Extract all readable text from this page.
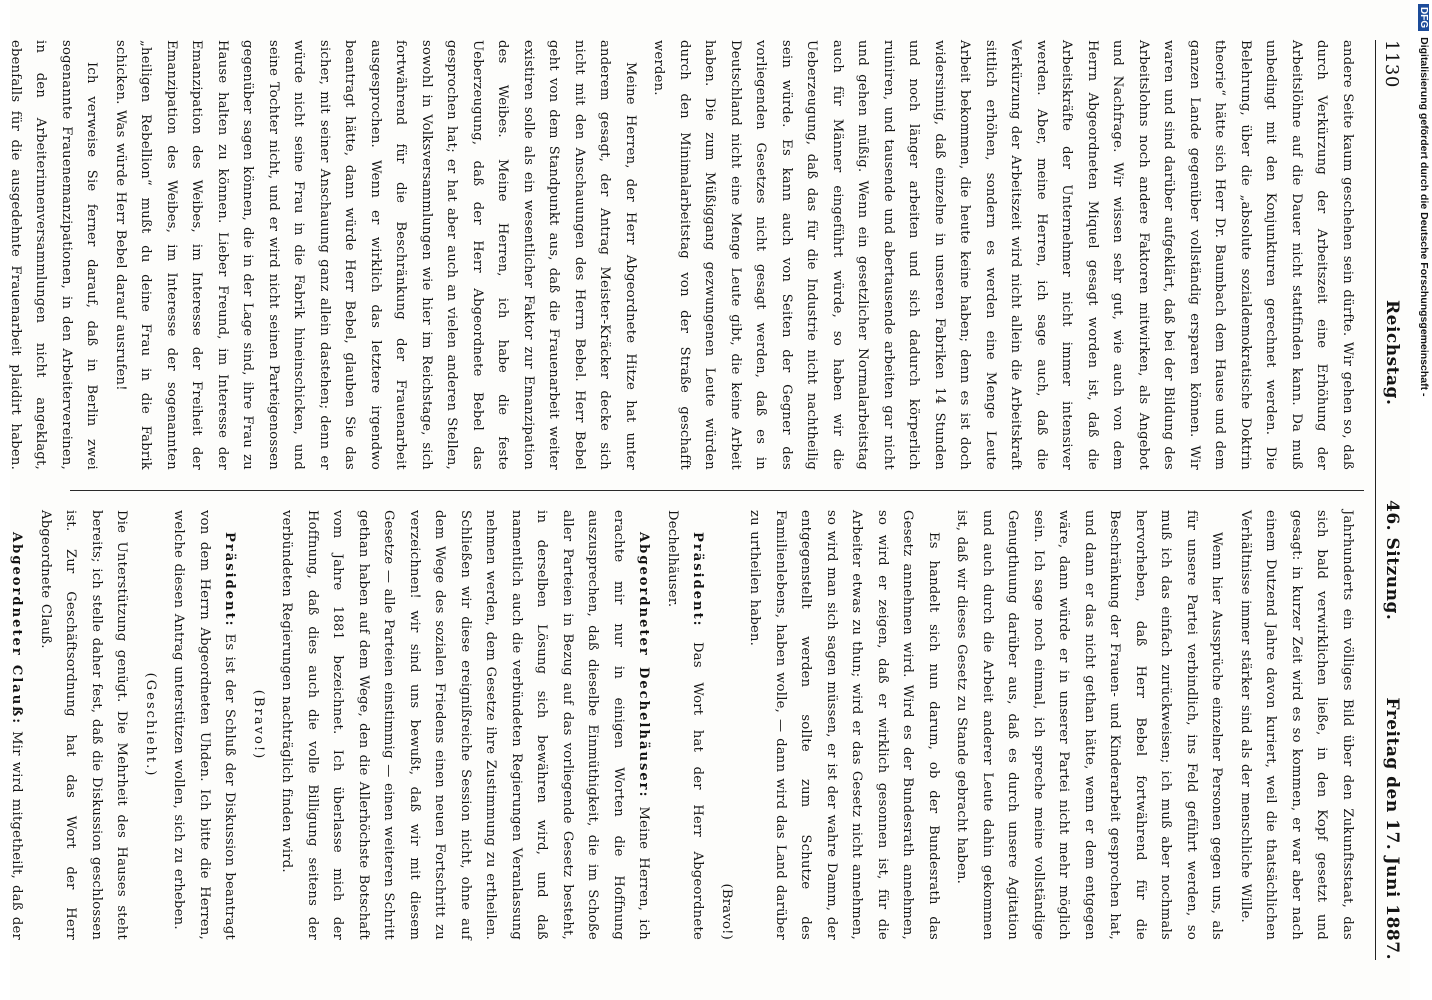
1130
Reichstag.
46. Sitzung.
Freitag den 17. Juni 1887.

andere Seite kaum geschehen sein dürfte. Wir gehen so, daß durch Verkürzung der Arbeitszeit eine Erhöhung der Arbeitslöhne auf die Dauer nicht stattfinden kann. Da muß unbedingt mit den Konjunkturen gerechnet werden. Die Belehrung, über die „absolute sozialdemokratische Doktrin theorie“ hätte sich Herr Dr. Baumbach dem Hause und dem ganzen Lande gegenüber vollständig ersparen können. Wir waren und sind darüber aufgeklärt, daß bei der Bildung des Arbeitslohns noch andere Faktoren mitwirken, als Angebot und Nachfrage. Wir wissen sehr gut, wie auch von dem Herrn Abgeordneten Miquel gesagt worden ist, daß die Arbeitskräfte der Unternehmer nicht immer intensiver werden. Aber, meine Herren, ich sage auch, daß die Verkürzung der Arbeitszeit wird nicht allein die Arbeitskraft sittlich erhöhen, sondern es werden eine Menge Leute Arbeit bekommen, die heute keine haben; denn es ist doch widersinnig, daß einzelne in unseren Fabriken 14 Stunden und noch länger arbeiten und sich dadurch körperlich ruiniren, und tausende und abertausende arbeiten gar nicht und gehen müßig. Wenn ein gesetzlicher Normalarbeitstag auch für Männer eingeführt würde, so haben wir die Ueberzeugung, daß das für die Industrie nicht nachtheilig sein würde. Es kann auch von Seiten der Gegner des vorliegenden Gesetzes nicht gesagt werden, daß es in Deutschland nicht eine Menge Leute gibt, die keine Arbeit haben. Die zum Müßiggang gezwungenen Leute würden durch den Minimalarbeitstag von der Straße geschafft werden.

Meine Herren, der Herr Abgeordnete Hitze hat unter anderem gesagt, der Antrag Meister-Kräcker decke sich nicht mit den Anschauungen des Herrn Bebel. Herr Bebel geht von dem Standpunkt aus, daß die Frauenarbeit weiter existiren solle als ein wesentlicher Faktor zur Emanzipation des Weibes. Meine Herren, ich habe die feste Ueberzeugung, daß der Herr Abgeordnete Bebel das gesprochen hat; er hat aber auch an vielen anderen Stellen, sowohl in Volksversammlungen wie hier im Reichstage, sich fortwährend für die Beschränkung der Frauenarbeit ausgesprochen. Wenn er wirklich das letztere irgendwo beantragt hätte, dann würde Herr Bebel, glauben Sie das sicher, mit seiner Anschauung ganz allein dastehen; denn er würde nicht seine Frau in die Fabrik hineinschicken, und seine Tochter nicht, und er wird nicht seinen Parteigenossen gegenüber sagen können, die in der Lage sind, ihre Frau zu Hause halten zu können. Lieber Freund, im Interesse der Emanzipation des Weibes, im Interesse der Freiheit der Emanzipation des Weibes, im Interesse der sogenannten „heiligen Rebellion“ mußt du deine Frau in die Fabrik schicken. Was würde Herr Bebel darauf ausrufen!

Ich verweise Sie ferner darauf, daß in Berlin zwei sogenannte Frauenemanzipationen, in den Arbeitervereinen, in den Arbeiterinnenversammlungen nicht angeklagt, ebenfalls für die ausgedehnte Frauenarbeit plaidirt haben.

Jahrhunderts ein völliges Bild über den Zukunftsstaat, das sich bald verwirklichen ließe, in den Kopf gesetzt und gesagt: in kurzer Zeit wird es so kommen, er war aber nach einem Dutzend Jahre davon kuriert, weil die thatsächlichen Verhältnisse immer stärker sind als der menschliche Wille.

Wenn hier Aussprüche einzelner Personen gegen uns, als für unsere Partei verbindlich, ins Feld geführt werden, so muß ich das einfach zurückweisen; ich muß aber nochmals hervorheben, daß Herr Bebel fortwährend für die Beschränkung der Frauen- und Kinderarbeit gesprochen hat, und dann er das nicht gethan hätte, wenn er dem entgegen wäre, dann würde er in unserer Partei nicht mehr möglich sein. Ich sage noch einmal, ich spreche meine vollständige Genugthuung darüber aus, daß es durch unsere Agitation und auch durch die Arbeit anderer Leute dahin gekommen ist, daß wir dieses Gesetz zu Stande gebracht haben.

Es handelt sich nun darum, ob der Bundesrath das Gesetz annehmen wird. Wird es der Bundesrath annehmen, so wird er zeigen, daß er wirklich gesonnen ist, für die Arbeiter etwas zu thun; wird er das Gesetz nicht annehmen, so wird man sich sagen müssen, er ist der wahre Damm, der entgegenstellt werden sollte zum Schutze des Familienlebens, haben wolle, — dann wird das Land darüber zu urtheilen haben.

(Bravo!)

Präsident: Das Wort hat der Herr Abgeordnete Dechelhäuser.

Abgeordneter Dechelhäuser: Meine Herren, ich erachte mir nur in einigen Worten die Hoffnung auszusprechen, daß dieselbe Einmüthigkeit, die im Schoße aller Parteien in Bezug auf das vorliegende Gesetz besteht, in derselben Lösung sich bewähren wird, und daß namentlich auch die verbündeten Regierungen Veranlassung nehmen werden, dem Gesetze ihre Zustimmung zu ertheilen. Schließen wir diese ereignißreiche Session nicht, ohne auf dem Wege des sozialen Friedens einen neuen Fortschritt zu verzeichnen! wir sind uns bewußt, daß wir mit diesem Gesetze — alle Parteien einstimmig — einen weiteren Schritt gethan haben auf dem Wege, den die Allerhöchste Botschaft vom Jahre 1881 bezeichnet. Ich überlasse mich der Hoffnung, daß dies auch die volle Billigung seitens der verbündeten Regierungen nachträglich finden wird.

(Bravo!)

Präsident: Es ist der Schluß der Diskussion beantragt von dem Herrn Abgeordneten Uhden. Ich bitte die Herren, welche diesen Antrag unterstützen wollen, sich zu erheben.

(Geschieht.)

Die Unterstützung genügt. Die Mehrheit des Hauses steht bereits; ich stelle daher fest, daß die Diskussion geschlossen ist. Zur Geschäftsordnung hat das Wort der Herr Abgeordnete Clauß.

Abgeordneter Clauß: Mir wird mitgetheilt, daß der

DFGDigitalisierung gefördert durch die Deutsche Forschungsgemeinschaft -
